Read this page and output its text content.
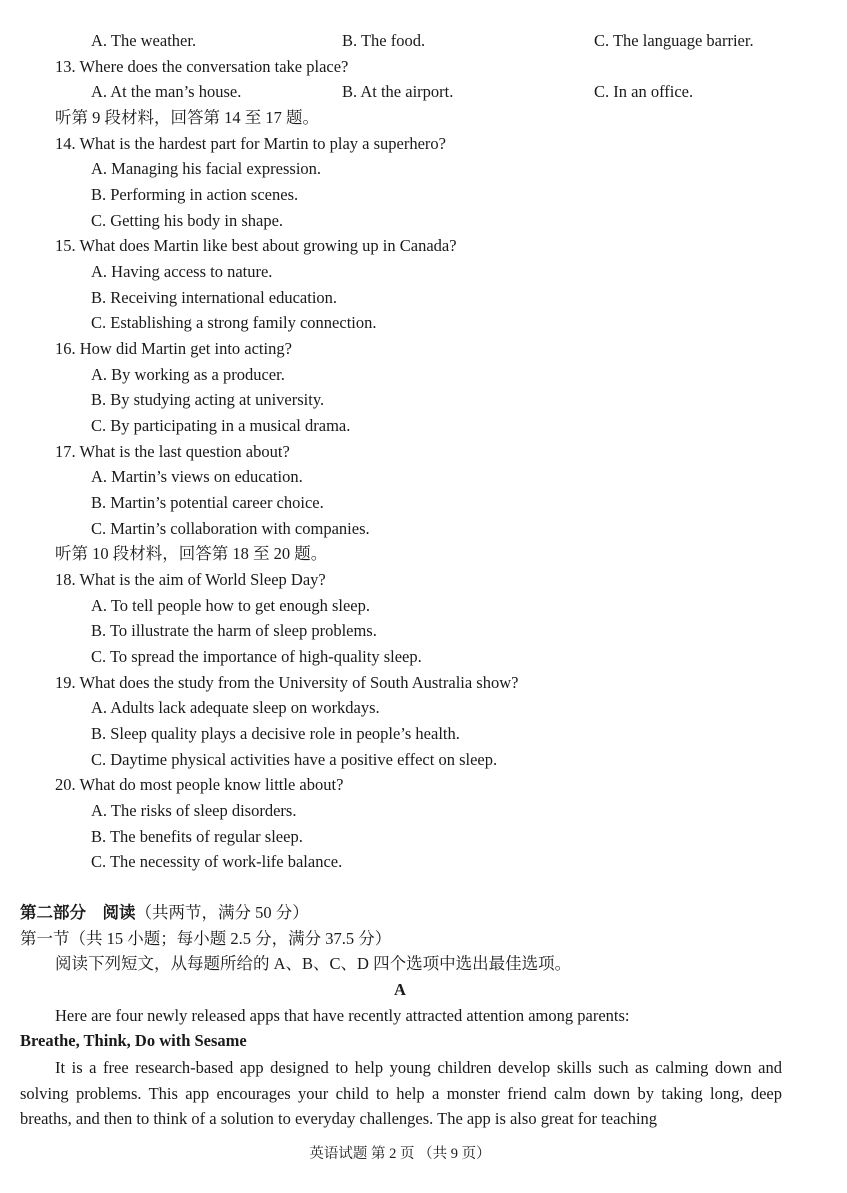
A. The weather.	B. The food.	C. The language barrier.
13. Where does the conversation take place?
A. At the man’s house.	B. At the airport.	C. In an office.
听第 9 段材料，回答第 14 至 17 题。
14. What is the hardest part for Martin to play a superhero?
A. Managing his facial expression.
B. Performing in action scenes.
C. Getting his body in shape.
15. What does Martin like best about growing up in Canada?
A. Having access to nature.
B. Receiving international education.
C. Establishing a strong family connection.
16. How did Martin get into acting?
A. By working as a producer.
B. By studying acting at university.
C. By participating in a musical drama.
17. What is the last question about?
A. Martin’s views on education.
B. Martin’s potential career choice.
C. Martin’s collaboration with companies.
听第 10 段材料，回答第 18 至 20 题。
18. What is the aim of World Sleep Day?
A. To tell people how to get enough sleep.
B. To illustrate the harm of sleep problems.
C. To spread the importance of high-quality sleep.
19. What does the study from the University of South Australia show?
A. Adults lack adequate sleep on workdays.
B. Sleep quality plays a decisive role in people’s health.
C. Daytime physical activities have a positive effect on sleep.
20. What do most people know little about?
A. The risks of sleep disorders.
B. The benefits of regular sleep.
C. The necessity of work-life balance.
第二部分　阅读（共两节，满分 50 分）
第一节（共 15 小题；每小题 2.5 分，满分 37.5 分）
阅读下列短文，从每题所给的 A、B、C、D 四个选项中选出最佳选项。
A
Here are four newly released apps that have recently attracted attention among parents:
Breathe, Think, Do with Sesame
It is a free research-based app designed to help young children develop skills such as calming down and solving problems. This app encourages your child to help a monster friend calm down by taking long, deep breaths, and then to think of a solution to everyday challenges. The app is also great for teaching
英语试题 第 2 页 （共 9 页）
